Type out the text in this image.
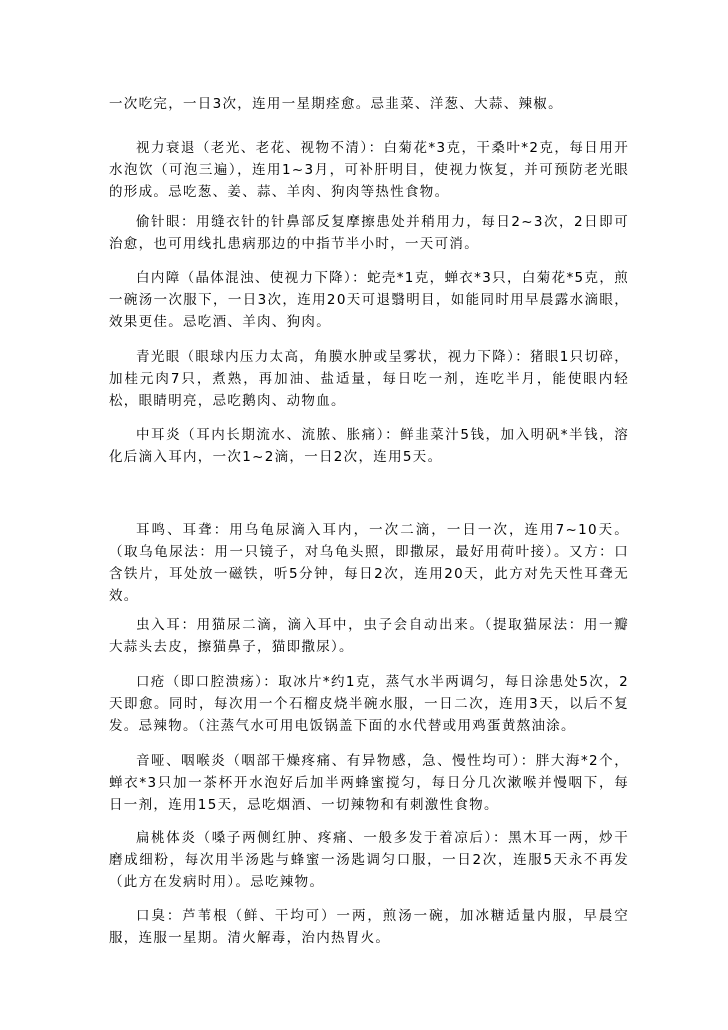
一次吃完，一日3次，连用一星期痊愈。忌韭菜、洋葱、大蒜、辣椒。

视力衰退（老光、老花、视物不清）：白菊花*3克，干桑叶*2克，每日用开水泡饮（可泡三遍），连用1~3月，可补肝明目，使视力恢复，并可预防老光眼的形成。忌吃葱、姜、蒜、羊肉、狗肉等热性食物。

偷针眼：用缝衣针的针鼻部反复摩擦患处并稍用力，每日2~3次，2日即可治愈，也可用线扎患病那边的中指节半小时，一天可消。

白内障（晶体混浊、使视力下降）：蛇壳*1克，蝉衣*3只，白菊花*5克，煎一碗汤一次服下，一日3次，连用20天可退翳明目，如能同时用早晨露水滴眼，效果更佳。忌吃酒、羊肉、狗肉。

青光眼（眼球内压力太高，角膜水肿或呈雾状，视力下降）：猪眼1只切碎，加桂元肉7只，煮熟，再加油、盐适量，每日吃一剂，连吃半月，能使眼内轻松，眼睛明亮，忌吃鹅肉、动物血。

中耳炎（耳内长期流水、流脓、胀痛）：鲜韭菜汁5钱，加入明矾*半钱，溶化后滴入耳内，一次1~2滴，一日2次，连用5天。

耳鸣、耳聋：用乌龟尿滴入耳内，一次二滴，一日一次，连用7~10天。（取乌龟尿法：用一只镜子，对乌龟头照，即撒尿，最好用荷叶接）。又方：口含铁片，耳处放一磁铁，听5分钟，每日2次，连用20天，此方对先天性耳聋无效。

虫入耳：用猫尿二滴，滴入耳中，虫子会自动出来。（提取猫尿法：用一瓣大蒜头去皮，擦猫鼻子，猫即撒尿）。

口疮（即口腔溃疡）：取冰片*约1克，蒸气水半两调匀，每日涂患处5次，2天即愈。同时，每次用一个石榴皮烧半碗水服，一日二次，连用3天，以后不复发。忌辣物。（注蒸气水可用电饭锅盖下面的水代替或用鸡蛋黄熬油涂。

音哑、咽喉炎（咽部干燥疼痛、有异物感，急、慢性均可）：胖大海*2个，蝉衣*3只加一茶杯开水泡好后加半两蜂蜜搅匀，每日分几次漱喉并慢咽下，每日一剂，连用15天，忌吃烟酒、一切辣物和有刺激性食物。

扁桃体炎（嗓子两侧红肿、疼痛、一般多发于着凉后）：黑木耳一两，炒干磨成细粉，每次用半汤匙与蜂蜜一汤匙调匀口服，一日2次，连服5天永不再发（此方在发病时用）。忌吃辣物。

口臭：芦苇根（鲜、干均可）一两，煎汤一碗，加冰糖适量内服，早晨空服，连服一星期。清火解毒，治内热胃火。
